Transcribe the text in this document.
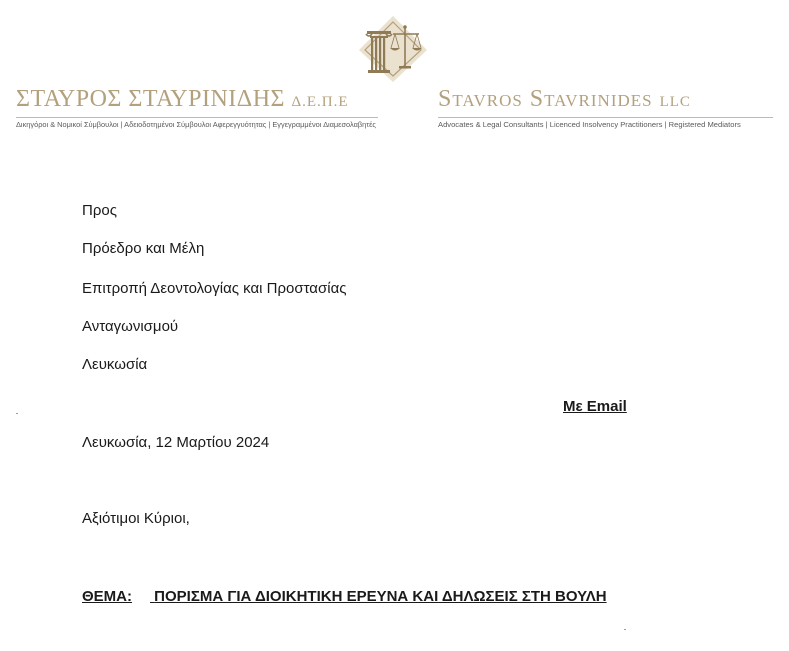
ΣΤΑΥΡΟΣ ΣΤΑΥΡΙΝΙΔΗΣ Δ.Ε.Π.Ε
Δικηγόροι & Νομικοί Σύμβουλοι | Αδειοδοτημένοι Σύμβουλοι Αφερεγγυότητας | Εγγεγραμμένοι Διαμεσολαβητές
Stavros Stavrinides LLC
Advocates & Legal Consultants | Licenced Insolvency Practitioners | Registered Mediators
Προς
Πρόεδρο και Μέλη
Επιτροπή Δεοντολογίας και Προστασίας
Ανταγωνισμού
Λευκωσία
Με Email
Λευκωσία, 12 Μαρτίου 2024
Αξιότιμοι Κύριοι,
ΘΕΜΑ: ΠΟΡΙΣΜΑ ΓΙΑ ΔΙΟΙΚΗΤΙΚΗ ΕΡΕΥΝΑ ΚΑΙ ΔΗΛΩΣΕΙΣ ΣΤΗ ΒΟΥΛΗ
